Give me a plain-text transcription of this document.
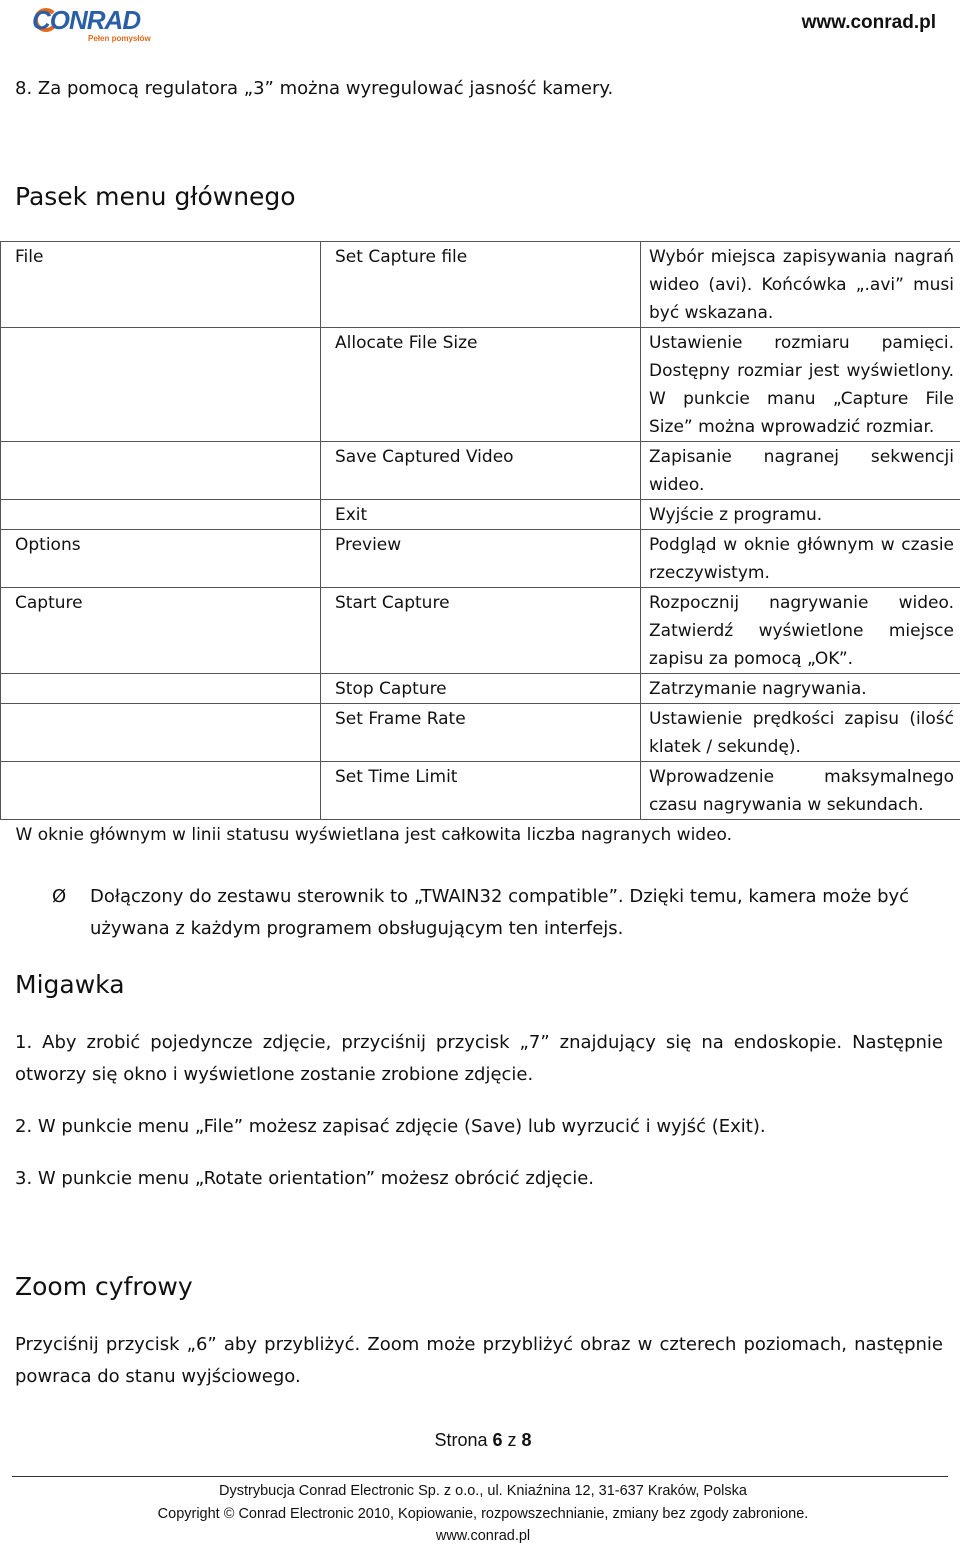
CONRAD
Pełen pomysłów
www.conrad.pl

8. Za pomocą regulatora „3” można wyregulować jasność kamery.

Pasek menu głównego
File	Set Capture file	Wybór miejsca zapisywania nagrań wideo (avi). Końcówka „.avi” musi być wskazana.
	Allocate File Size	Ustawienie rozmiaru pamięci. Dostępny rozmiar jest wyświetlony. W punkcie manu „Capture File Size” można wprowadzić rozmiar.
	Save Captured Video	Zapisanie nagranej sekwencji wideo.
	Exit	Wyjście z programu.
Options	Preview	Podgląd w oknie głównym w czasie rzeczywistym.
Capture	Start Capture	Rozpocznij nagrywanie wideo. Zatwierdź wyświetlone miejsce zapisu za pomocą „OK”.
	Stop Capture	Zatrzymanie nagrywania.
	Set Frame Rate	Ustawienie prędkości zapisu (ilość klatek / sekundę).
	Set Time Limit	Wprowadzenie maksymalnego czasu nagrywania w sekundach.
W oknie głównym w linii statusu wyświetlana jest całkowita liczba nagranych wideo.		
Ø Dołączony do zestawu sterownik to „TWAIN32 compatible”. Dzięki temu, kamera może być używana z każdym programem obsługującym ten interfejs.
Migawka

1. Aby zrobić pojedyncze zdjęcie, przyciśnij przycisk „7” znajdujący się na endoskopie. Następnie otworzy się okno i wyświetlone zostanie zrobione zdjęcie.

2. W punkcie menu „File” możesz zapisać zdjęcie (Save) lub wyrzucić i wyjść (Exit).

3. W punkcie menu „Rotate orientation” możesz obrócić zdjęcie.

Zoom cyfrowy

Przyciśnij przycisk „6” aby przybliżyć. Zoom może przybliżyć obraz w czterech poziomach, następnie powraca do stanu wyjściowego.

Strona 6 z 8
Dystrybucja Conrad Electronic Sp. z o.o., ul. Kniaźnina 12, 31-637 Kraków, Polska
Copyright © Conrad Electronic 2010, Kopiowanie, rozpowszechnianie, zmiany bez zgody zabronione.
www.conrad.pl
